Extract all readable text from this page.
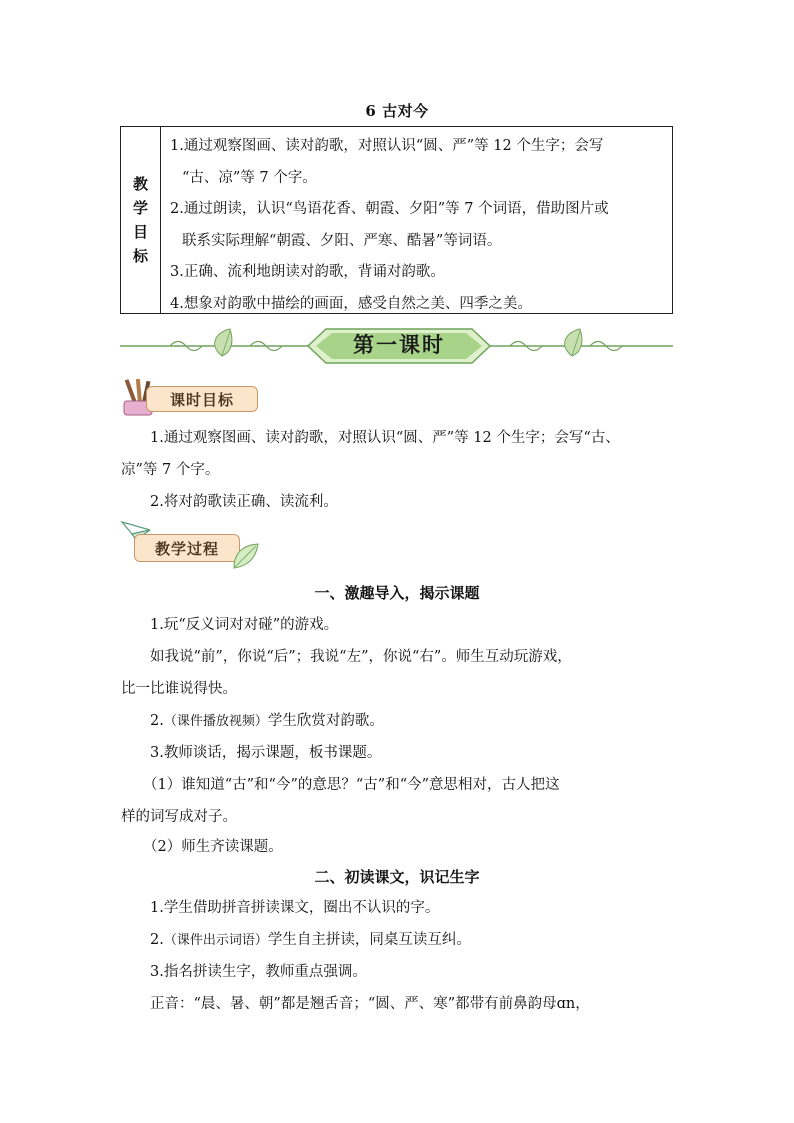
6 古对今
教
学
目
标
1.通过观察图画、读对韵歌，对照认识“圆、严”等 12 个生字；会写
“古、凉”等 7 个字。
2.通过朗读，认识“鸟语花香、朝霞、夕阳”等 7 个词语，借助图片或
联系实际理解“朝霞、夕阳、严寒、酷暑”等词语。
3.正确、流利地朗读对韵歌，背诵对韵歌。
4.想象对韵歌中描绘的画面，感受自然之美、四季之美。
第一课时
课时目标
1.通过观察图画、读对韵歌，对照认识“圆、严”等 12 个生字；会写“古、
凉”等 7 个字。
2.将对韵歌读正确、读流利。
教学过程
一、激趣导入，揭示课题
1.玩“反义词对对碰”的游戏。
如我说“前”，你说“后”；我说“左”，你说“右”。师生互动玩游戏，
比一比谁说得快。
2.（课件播放视频）学生欣赏对韵歌。
3.教师谈话，揭示课题，板书课题。
（1）谁知道“古”和“今”的意思？“古”和“今”意思相对，古人把这
样的词写成对子。
（2）师生齐读课题。
二、初读课文，识记生字
1.学生借助拼音拼读课文，圈出不认识的字。
2.（课件出示词语）学生自主拼读，同桌互读互纠。
3.指名拼读生字，教师重点强调。
正音：“晨、暑、朝”都是翘舌音；“圆、严、寒”都带有前鼻韵母ɑn，
